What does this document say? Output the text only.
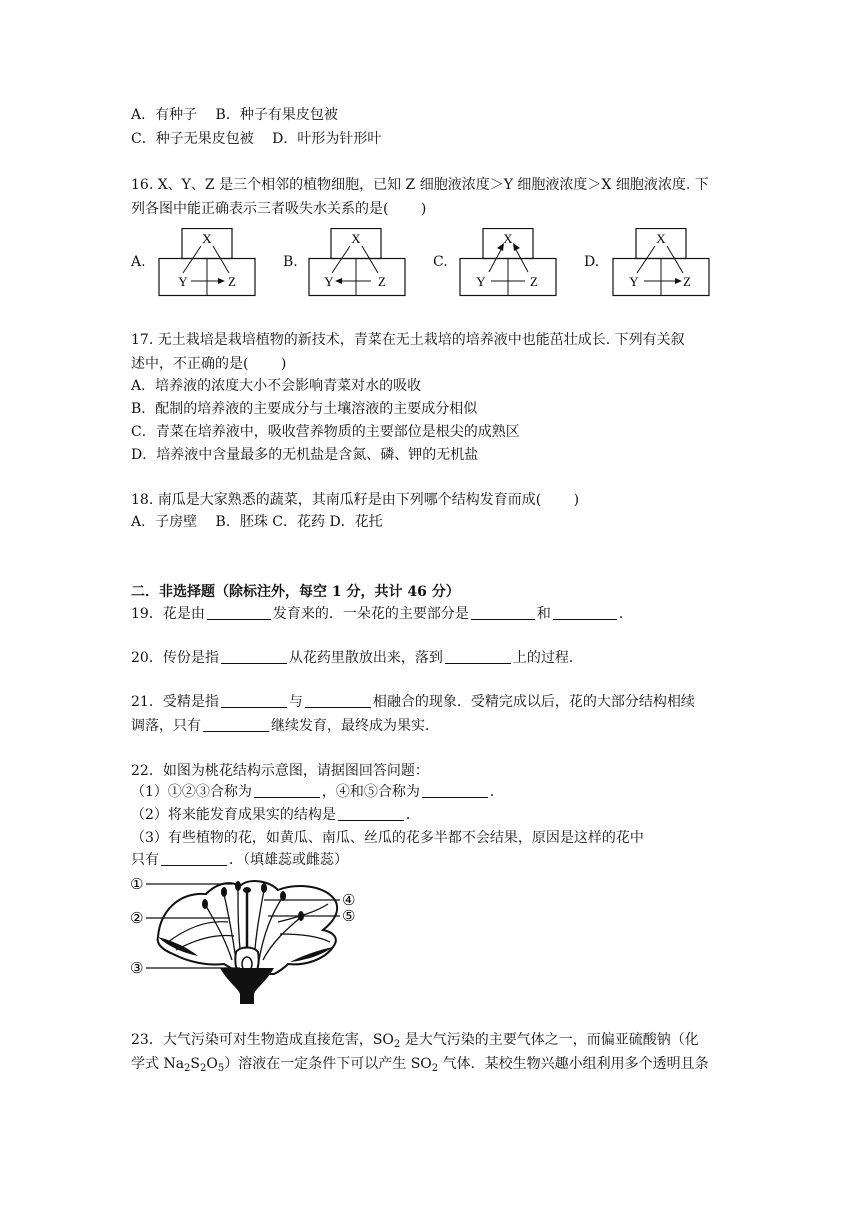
A．有种子　 B．种子有果皮包被
C．种子无果皮包被　 D．叶形为针形叶
16. X、Y、Z 是三个相邻的植物细胞，已知 Z 细胞液浓度＞Y 细胞液浓度＞X 细胞液浓度. 下
列各图中能正确表示三者吸失水关系的是(　　 )
A.
X
Y	Z
B.
X
Y	Z
C.
X
Y	Z
D.
X
Y	Z
17. 无土栽培是栽培植物的新技术，青菜在无土栽培的培养液中也能茁壮成长. 下列有关叙
述中，不正确的是(　　 )
A．培养液的浓度大小不会影响青菜对水的吸收
B．配制的培养液的主要成分与土壤溶液的主要成分相似
C．青菜在培养液中，吸收营养物质的主要部位是根尖的成熟区
D．培养液中含量最多的无机盐是含氮、磷、钾的无机盐
18. 南瓜是大家熟悉的蔬菜，其南瓜籽是由下列哪个结构发育而成(　　 )
A．子房壁　 B．胚珠 C．花药 D．花托
二．非选择题（除标注外，每空 1 分，共计 46 分）
19．花是由	发育来的．一朵花的主要部分是	和	．
20．传份是指	从花药里散放出来，落到	上的过程．
21．受精是指	与	相融合的现象．受精完成以后，花的大部分结构相续
调落，只有	继续发育，最终成为果实．
22．如图为桃花结构示意图，请据图回答问题：
（1）①②③合称为	，④和⑤合称为	．
（2）将来能发育成果实的结构是	．
（3）有些植物的花，如黄瓜、南瓜、丝瓜的花多半都不会结果，原因是这样的花中
只有	．（填雄蕊或雌蕊）
①
②
③
④
⑤
23．大气污染可对生物造成直接危害，$SO_2$ 是大气污染的主要气体之一，而偏亚硫酸钠（化
学式 $Na_2S_2O_5$）溶液在一定条件下可以产生 $SO_2$ 气体．某校生物兴趣小组利用多个透明且条
